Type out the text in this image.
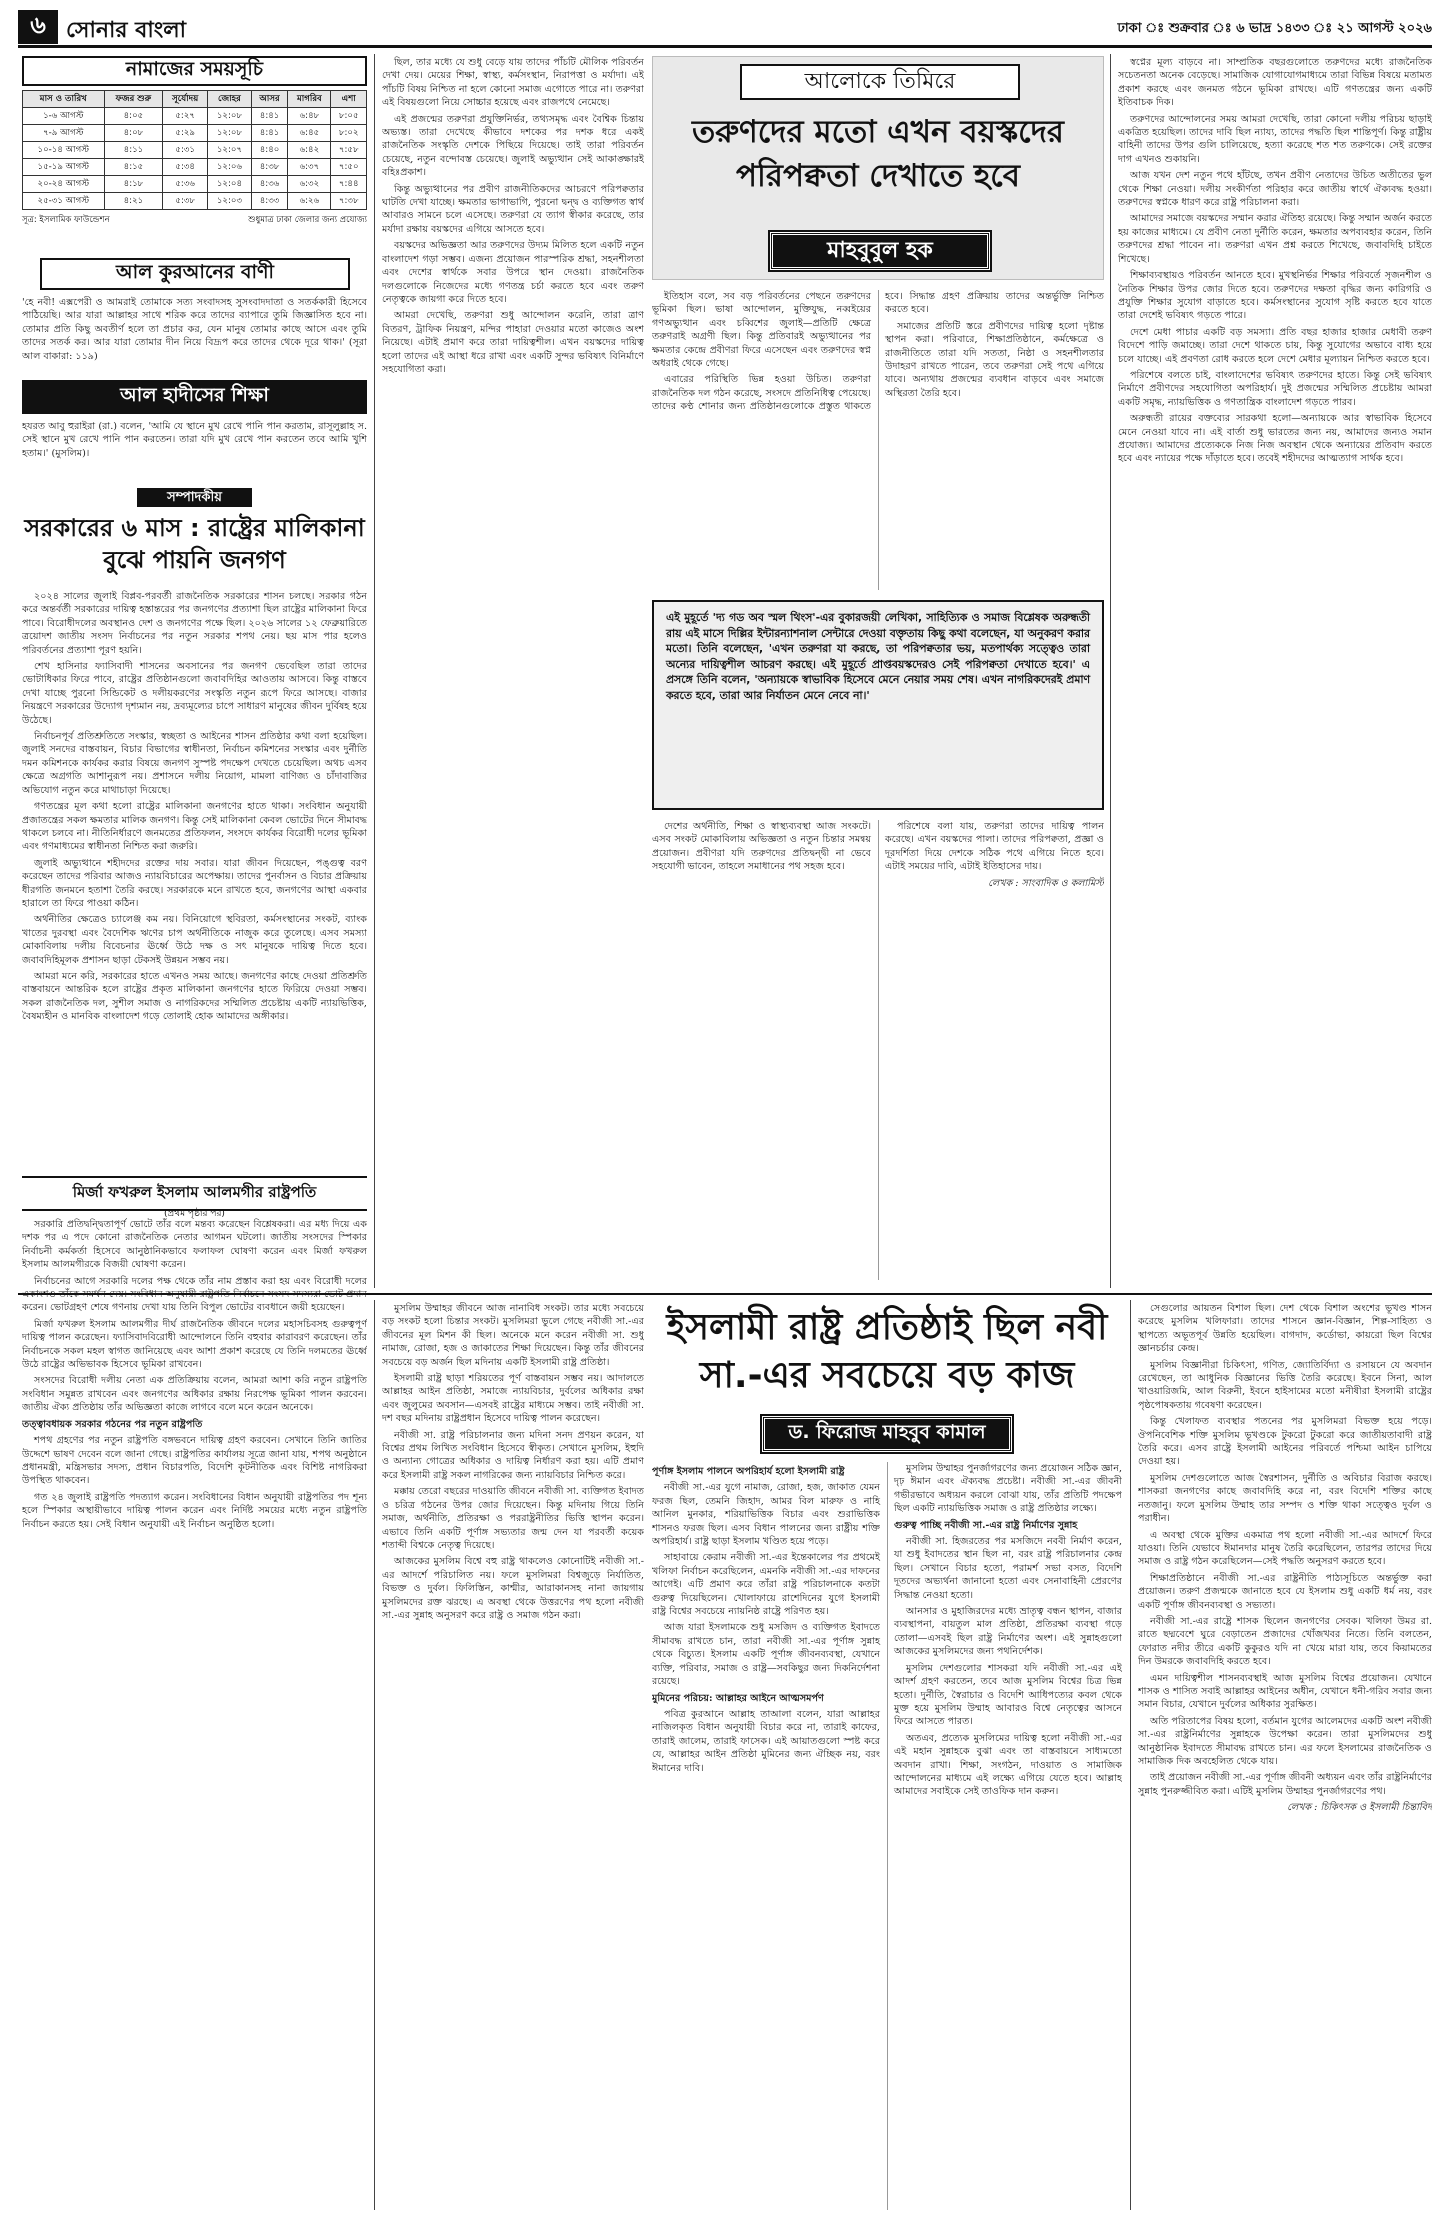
৬ সোনার বাংলা	ঢাকা ঃ শুক্রবার ঃ ৬ ভাদ্র ১৪৩৩ ঃ ২১ আগস্ট ২০২৬
নামাজের সময়সূচি
মাস ও তারিখ	ফজর শুরু	সূর্যোদয়	জোহর	আসর	মাগরিব	এশা
১-৬ আগস্ট	৪:০৫	৫:২৭	১২:০৮	৪:৪১	৬:৪৮	৮:০৫
৭-৯ আগস্ট	৪:০৮	৫:২৯	১২:০৮	৪:৪১	৬:৪৫	৮:০২
১০-১৪ আগস্ট	৪:১১	৫:৩১	১২:০৭	৪:৪০	৬:৪২	৭:৫৮
১৫-১৯ আগস্ট	৪:১৫	৫:৩৪	১২:০৬	৪:৩৮	৬:৩৭	৭:৫০
২০-২৪ আগস্ট	৪:১৮	৫:৩৬	১২:০৪	৪:৩৬	৬:৩২	৭:৪৪
২৫-৩১ আগস্ট	৪:২১	৫:৩৮	১২:০৩	৪:৩৩	৬:২৬	৭:৩৮
সূত্র: ইসলামিক ফাউন্ডেশন	শুধুমাত্র ঢাকা জেলার জন্য প্রযোজ্য
আল কুরআনের বাণী
'হে নবী! এক্সপেরী ও আমরাই তোমাকে সত্য সংবাদসহ সুসংবাদদাতা ও সতর্ককারী হিসেবে পাঠিয়েছি। আর যারা আল্লাহর সাথে শরিক করে তাদের ব্যাপারে তুমি জিজ্ঞাসিত হবে না। তোমার প্রতি কিছু অবতীর্ণ হলে তা প্রচার কর, যেন মানুষ তোমার কাছে আসে এবং তুমি তাদের সতর্ক কর। আর যারা তোমার দীন নিয়ে বিদ্রূপ করে তাদের থেকে দূরে থাক।' (সূরা আল বাকারা: ১১৯)
আল হাদীসের শিক্ষা
হযরত আবু হুরাইরা (রা.) বলেন, 'আমি যে স্থানে মুখ রেখে পানি পান করতাম, রাসূলুল্লাহ স. সেই স্থানে মুখ রেখে পানি পান করতেন। তারা যদি মুখ রেখে পান করতেন তবে আমি খুশি হতাম।' (মুসলিম)।
সম্পাদকীয়
সরকারের ৬ মাস : রাষ্ট্রের মালিকানা বুঝে পায়নি জনগণ

২০২৪ সালের জুলাই বিপ্লব-পরবর্তী রাজনৈতিক সরকারের শাসন চলছে। সরকার গঠন করে অন্তর্বর্তী সরকারের দায়িত্ব হস্তান্তরের পর জনগণের প্রত্যাশা ছিল রাষ্ট্রের মালিকানা ফিরে পাবে। বিরোধীদলের অবস্থানও দেশ ও জনগণের পক্ষে ছিল। ২০২৬ সালের ১২ ফেব্রুয়ারিতে ত্রয়োদশ জাতীয় সংসদ নির্বাচনের পর নতুন সরকার শপথ নেয়। ছয় মাস পার হলেও পরিবর্তনের প্রত্যাশা পূরণ হয়নি।

শেখ হাসিনার ফ্যাসিবাদী শাসনের অবসানের পর জনগণ ভেবেছিল তারা তাদের ভোটাধিকার ফিরে পাবে, রাষ্ট্রের প্রতিষ্ঠানগুলো জবাবদিহির আওতায় আসবে। কিন্তু বাস্তবে দেখা যাচ্ছে পুরনো সিন্ডিকেট ও দলীয়করণের সংস্কৃতি নতুন রূপে ফিরে আসছে। বাজার নিয়ন্ত্রণে সরকারের উদ্যোগ দৃশ্যমান নয়, দ্রব্যমূল্যের চাপে সাধারণ মানুষের জীবন দুর্বিষহ হয়ে উঠেছে।

নির্বাচনপূর্ব প্রতিশ্রুতিতে সংস্কার, স্বচ্ছতা ও আইনের শাসন প্রতিষ্ঠার কথা বলা হয়েছিল। জুলাই সনদের বাস্তবায়ন, বিচার বিভাগের স্বাধীনতা, নির্বাচন কমিশনের সংস্কার এবং দুর্নীতি দমন কমিশনকে কার্যকর করার বিষয়ে জনগণ সুস্পষ্ট পদক্ষেপ দেখতে চেয়েছিল। অথচ এসব ক্ষেত্রে অগ্রগতি আশানুরূপ নয়। প্রশাসনে দলীয় নিয়োগ, মামলা বাণিজ্য ও চাঁদাবাজির অভিযোগ নতুন করে মাথাচাড়া দিয়েছে।

গণতন্ত্রের মূল কথা হলো রাষ্ট্রের মালিকানা জনগণের হাতে থাকা। সংবিধান অনুযায়ী প্রজাতন্ত্রের সকল ক্ষমতার মালিক জনগণ। কিন্তু সেই মালিকানা কেবল ভোটের দিনে সীমাবদ্ধ থাকলে চলবে না। নীতিনির্ধারণে জনমতের প্রতিফলন, সংসদে কার্যকর বিরোধী দলের ভূমিকা এবং গণমাধ্যমের স্বাধীনতা নিশ্চিত করা জরুরি।

জুলাই অভ্যুত্থানে শহীদদের রক্তের দায় সবার। যারা জীবন দিয়েছেন, পঙ্গুত্ব বরণ করেছেন তাদের পরিবার আজও ন্যায়বিচারের অপেক্ষায়। তাদের পুনর্বাসন ও বিচার প্রক্রিয়ায় ধীরগতি জনমনে হতাশা তৈরি করছে। সরকারকে মনে রাখতে হবে, জনগণের আস্থা একবার হারালে তা ফিরে পাওয়া কঠিন।

অর্থনীতির ক্ষেত্রেও চ্যালেঞ্জ কম নয়। বিনিয়োগে স্থবিরতা, কর্মসংস্থানের সংকট, ব্যাংক খাতের দুরবস্থা এবং বৈদেশিক ঋণের চাপ অর্থনীতিকে নাজুক করে তুলেছে। এসব সমস্যা মোকাবিলায় দলীয় বিবেচনার ঊর্ধ্বে উঠে দক্ষ ও সৎ মানুষকে দায়িত্ব দিতে হবে। জবাবদিহিমূলক প্রশাসন ছাড়া টেকসই উন্নয়ন সম্ভব নয়।

আমরা মনে করি, সরকারের হাতে এখনও সময় আছে। জনগণের কাছে দেওয়া প্রতিশ্রুতি বাস্তবায়নে আন্তরিক হলে রাষ্ট্রের প্রকৃত মালিকানা জনগণের হাতে ফিরিয়ে দেওয়া সম্ভব। সকল রাজনৈতিক দল, সুশীল সমাজ ও নাগরিকদের সম্মিলিত প্রচেষ্টায় একটি ন্যায়ভিত্তিক, বৈষম্যহীন ও মানবিক বাংলাদেশ গড়ে তোলাই হোক আমাদের অঙ্গীকার।

মির্জা ফখরুল ইসলাম আলমগীর রাষ্ট্রপতি
(প্রথম পৃষ্ঠার পর)

সরকারি প্রতিদ্বন্দ্বিতাপূর্ণ ভোটে তাঁর বলে মন্তব্য করেছেন বিশ্লেষকরা। এর মধ্য দিয়ে এক দশক পর এ পদে কোনো রাজনৈতিক নেতার আগমন ঘটলো। জাতীয় সংসদের স্পিকার নির্বাচনী কর্মকর্তা হিসেবে আনুষ্ঠানিকভাবে ফলাফল ঘোষণা করেন এবং মির্জা ফখরুল ইসলাম আলমগীরকে বিজয়ী ঘোষণা করেন।

নির্বাচনের আগে সরকারি দলের পক্ষ থেকে তাঁর নাম প্রস্তাব করা হয় এবং বিরোধী দলের একাংশও তাঁকে সমর্থন দেয়। সংবিধান অনুযায়ী রাষ্ট্রপতি নির্বাচনে সংসদ সদস্যরা ভোট প্রদান করেন। ভোটগ্রহণ শেষে গণনায় দেখা যায় তিনি বিপুল ভোটের ব্যবধানে জয়ী হয়েছেন।

মির্জা ফখরুল ইসলাম আলমগীর দীর্ঘ রাজনৈতিক জীবনে দলের মহাসচিবসহ গুরুত্বপূর্ণ দায়িত্ব পালন করেছেন। ফ্যাসিবাদবিরোধী আন্দোলনে তিনি বহুবার কারাবরণ করেছেন। তাঁর নির্বাচনকে সকল মহল স্বাগত জানিয়েছে এবং আশা প্রকাশ করেছে যে তিনি দলমতের ঊর্ধ্বে উঠে রাষ্ট্রের অভিভাবক হিসেবে ভূমিকা রাখবেন।

সংসদের বিরোধী দলীয় নেতা এক প্রতিক্রিয়ায় বলেন, আমরা আশা করি নতুন রাষ্ট্রপতি সংবিধান সমুন্নত রাখবেন এবং জনগণের অধিকার রক্ষায় নিরপেক্ষ ভূমিকা পালন করবেন। জাতীয় ঐক্য প্রতিষ্ঠায় তাঁর অভিজ্ঞতা কাজে লাগবে বলে মনে করেন অনেকে।

তত্ত্বাবধায়ক সরকার গঠনের পর নতুন রাষ্ট্রপতি

শপথ গ্রহণের পর নতুন রাষ্ট্রপতি বঙ্গভবনে দায়িত্ব গ্রহণ করবেন। সেখানে তিনি জাতির উদ্দেশে ভাষণ দেবেন বলে জানা গেছে। রাষ্ট্রপতির কার্যালয় সূত্রে জানা যায়, শপথ অনুষ্ঠানে প্রধানমন্ত্রী, মন্ত্রিসভার সদস্য, প্রধান বিচারপতি, বিদেশি কূটনীতিক এবং বিশিষ্ট নাগরিকরা উপস্থিত থাকবেন।

গত ২৪ জুলাই রাষ্ট্রপতি পদত্যাগ করেন। সংবিধানের বিধান অনুযায়ী রাষ্ট্রপতির পদ শূন্য হলে স্পিকার অস্থায়ীভাবে দায়িত্ব পালন করেন এবং নির্দিষ্ট সময়ের মধ্যে নতুন রাষ্ট্রপতি নির্বাচন করতে হয়। সেই বিধান অনুযায়ী এই নির্বাচন অনুষ্ঠিত হলো।

ছিল, তার মধ্যে যে শুধু বেড়ে যায় তাদের পাঁচটি মৌলিক পরিবর্তন দেখা দেয়। মেয়ের শিক্ষা, স্বাস্থ্য, কর্মসংস্থান, নিরাপত্তা ও মর্যাদা। এই পাঁচটি বিষয় নিশ্চিত না হলে কোনো সমাজ এগোতে পারে না। তরুণরা এই বিষয়গুলো নিয়ে সোচ্চার হয়েছে এবং রাজপথে নেমেছে।

এই প্রজন্মের তরুণরা প্রযুক্তিনির্ভর, তথ্যসমৃদ্ধ এবং বৈশ্বিক চিন্তায় অভ্যস্ত। তারা দেখেছে কীভাবে দশকের পর দশক ধরে একই রাজনৈতিক সংস্কৃতি দেশকে পিছিয়ে দিয়েছে। তাই তারা পরিবর্তন চেয়েছে, নতুন বন্দোবস্ত চেয়েছে। জুলাই অভ্যুত্থান সেই আকাঙ্ক্ষারই বহিঃপ্রকাশ।

কিন্তু অভ্যুত্থানের পর প্রবীণ রাজনীতিকদের আচরণে পরিপক্বতার ঘাটতি দেখা যাচ্ছে। ক্ষমতার ভাগাভাগি, পুরনো দ্বন্দ্ব ও ব্যক্তিগত স্বার্থ আবারও সামনে চলে এসেছে। তরুণরা যে ত্যাগ স্বীকার করেছে, তার মর্যাদা রক্ষায় বয়স্কদের এগিয়ে আসতে হবে।

বয়স্কদের অভিজ্ঞতা আর তরুণদের উদ্যম মিলিত হলে একটি নতুন বাংলাদেশ গড়া সম্ভব। এজন্য প্রয়োজন পারস্পরিক শ্রদ্ধা, সহনশীলতা এবং দেশের স্বার্থকে সবার উপরে স্থান দেওয়া। রাজনৈতিক দলগুলোকে নিজেদের মধ্যে গণতন্ত্র চর্চা করতে হবে এবং তরুণ নেতৃত্বকে জায়গা করে দিতে হবে।

আমরা দেখেছি, তরুণরা শুধু আন্দোলন করেনি, তারা ত্রাণ বিতরণ, ট্রাফিক নিয়ন্ত্রণ, মন্দির পাহারা দেওয়ার মতো কাজেও অংশ নিয়েছে। এটাই প্রমাণ করে তারা দায়িত্বশীল। এখন বয়স্কদের দায়িত্ব হলো তাদের এই আস্থা ধরে রাখা এবং একটি সুন্দর ভবিষ্যৎ বিনির্মাণে সহযোগিতা করা।

আলোকে তিমিরে
তরুণদের মতো এখন বয়স্কদের পরিপক্বতা দেখাতে হবে
মাহবুবুল হক

ইতিহাস বলে, সব বড় পরিবর্তনের পেছনে তরুণদের ভূমিকা ছিল। ভাষা আন্দোলন, মুক্তিযুদ্ধ, নব্বইয়ের গণঅভ্যুত্থান এবং চব্বিশের জুলাই—প্রতিটি ক্ষেত্রে তরুণরাই অগ্রণী ছিল। কিন্তু প্রতিবারই অভ্যুত্থানের পর ক্ষমতার কেন্দ্রে প্রবীণরা ফিরে এসেছেন এবং তরুণদের স্বপ্ন অধরাই থেকে গেছে।

এবারের পরিস্থিতি ভিন্ন হওয়া উচিত। তরুণরা রাজনৈতিক দল গঠন করেছে, সংসদে প্রতিনিধিত্ব পেয়েছে। তাদের কণ্ঠ শোনার জন্য প্রতিষ্ঠানগুলোকে প্রস্তুত থাকতে হবে। সিদ্ধান্ত গ্রহণ প্রক্রিয়ায় তাদের অন্তর্ভুক্তি নিশ্চিত করতে হবে।

সমাজের প্রতিটি স্তরে প্রবীণদের দায়িত্ব হলো দৃষ্টান্ত স্থাপন করা। পরিবারে, শিক্ষাপ্রতিষ্ঠানে, কর্মক্ষেত্রে ও রাজনীতিতে তারা যদি সততা, নিষ্ঠা ও সহনশীলতার উদাহরণ রাখতে পারেন, তবে তরুণরা সেই পথে এগিয়ে যাবে। অন্যথায় প্রজন্মের ব্যবধান বাড়বে এবং সমাজে অস্থিরতা তৈরি হবে।

এই মুহূর্তে 'দ্য গড অব স্মল থিংস'-এর বুকারজয়ী লেখিকা, সাহিত্যিক ও সমাজ বিশ্লেষক অরুন্ধতী রায় এই মাসে দিল্লির ইন্টারন্যাশনাল সেন্টারে দেওয়া বক্তৃতায় কিছু কথা বলেছেন, যা অনুকরণ করার মতো। তিনি বলেছেন, 'এখন তরুণরা যা করছে, তা পরিপক্বতার ভয়, মতপার্থক্য সত্ত্বেও তারা অন্যের দায়িত্বশীল আচরণ করছে। এই মুহূর্তে প্রাপ্তবয়স্কদেরও সেই পরিপক্বতা দেখাতে হবে।' এ প্রসঙ্গে তিনি বলেন, 'অন্যায়কে স্বাভাবিক হিসেবে মেনে নেয়ার সময় শেষ। এখন নাগরিকদেরই প্রমাণ করতে হবে, তারা আর নির্যাতন মেনে নেবে না।'

দেশের অর্থনীতি, শিক্ষা ও স্বাস্থ্যব্যবস্থা আজ সংকটে। এসব সংকট মোকাবিলায় অভিজ্ঞতা ও নতুন চিন্তার সমন্বয় প্রয়োজন। প্রবীণরা যদি তরুণদের প্রতিদ্বন্দ্বী না ভেবে সহযোগী ভাবেন, তাহলে সমাধানের পথ সহজ হবে।

পরিশেষে বলা যায়, তরুণরা তাদের দায়িত্ব পালন করেছে। এখন বয়স্কদের পালা। তাদের পরিপক্বতা, প্রজ্ঞা ও দূরদর্শিতা দিয়ে দেশকে সঠিক পথে এগিয়ে নিতে হবে। এটাই সময়ের দাবি, এটাই ইতিহাসের দায়।

লেখক : সাংবাদিক ও কলামিস্ট

স্বপ্নের মূল্য বাড়বে না। সাম্প্রতিক বছরগুলোতে তরুণদের মধ্যে রাজনৈতিক সচেতনতা অনেক বেড়েছে। সামাজিক যোগাযোগমাধ্যমে তারা বিভিন্ন বিষয়ে মতামত প্রকাশ করছে এবং জনমত গঠনে ভূমিকা রাখছে। এটি গণতন্ত্রের জন্য একটি ইতিবাচক দিক।

তরুণদের আন্দোলনের সময় আমরা দেখেছি, তারা কোনো দলীয় পরিচয় ছাড়াই একত্রিত হয়েছিল। তাদের দাবি ছিল ন্যায্য, তাদের পদ্ধতি ছিল শান্তিপূর্ণ। কিন্তু রাষ্ট্রীয় বাহিনী তাদের উপর গুলি চালিয়েছে, হত্যা করেছে শত শত তরুণকে। সেই রক্তের দাগ এখনও শুকায়নি।

আজ যখন দেশ নতুন পথে হাঁটছে, তখন প্রবীণ নেতাদের উচিত অতীতের ভুল থেকে শিক্ষা নেওয়া। দলীয় সংকীর্ণতা পরিহার করে জাতীয় স্বার্থে ঐক্যবদ্ধ হওয়া। তরুণদের স্বপ্নকে ধারণ করে রাষ্ট্র পরিচালনা করা।

আমাদের সমাজে বয়স্কদের সম্মান করার ঐতিহ্য রয়েছে। কিন্তু সম্মান অর্জন করতে হয় কাজের মাধ্যমে। যে প্রবীণ নেতা দুর্নীতি করেন, ক্ষমতার অপব্যবহার করেন, তিনি তরুণদের শ্রদ্ধা পাবেন না। তরুণরা এখন প্রশ্ন করতে শিখেছে, জবাবদিহি চাইতে শিখেছে।

শিক্ষাব্যবস্থায়ও পরিবর্তন আনতে হবে। মুখস্থনির্ভর শিক্ষার পরিবর্তে সৃজনশীল ও নৈতিক শিক্ষার উপর জোর দিতে হবে। তরুণদের দক্ষতা বৃদ্ধির জন্য কারিগরি ও প্রযুক্তি শিক্ষার সুযোগ বাড়াতে হবে। কর্মসংস্থানের সুযোগ সৃষ্টি করতে হবে যাতে তারা দেশেই ভবিষ্যৎ গড়তে পারে।

দেশে মেধা পাচার একটি বড় সমস্যা। প্রতি বছর হাজার হাজার মেধাবী তরুণ বিদেশে পাড়ি জমাচ্ছে। তারা দেশে থাকতে চায়, কিন্তু সুযোগের অভাবে বাধ্য হয়ে চলে যাচ্ছে। এই প্রবণতা রোধ করতে হলে দেশে মেধার মূল্যায়ন নিশ্চিত করতে হবে।

পরিশেষে বলতে চাই, বাংলাদেশের ভবিষ্যৎ তরুণদের হাতে। কিন্তু সেই ভবিষ্যৎ নির্মাণে প্রবীণদের সহযোগিতা অপরিহার্য। দুই প্রজন্মের সম্মিলিত প্রচেষ্টায় আমরা একটি সমৃদ্ধ, ন্যায়ভিত্তিক ও গণতান্ত্রিক বাংলাদেশ গড়তে পারব।

অরুন্ধতী রায়ের বক্তব্যের সারকথা হলো—অন্যায়কে আর স্বাভাবিক হিসেবে মেনে নেওয়া যাবে না। এই বার্তা শুধু ভারতের জন্য নয়, আমাদের জন্যও সমান প্রযোজ্য। আমাদের প্রত্যেককে নিজ নিজ অবস্থান থেকে অন্যায়ের প্রতিবাদ করতে হবে এবং ন্যায়ের পক্ষে দাঁড়াতে হবে। তবেই শহীদদের আত্মত্যাগ সার্থক হবে।

মুসলিম উম্মাহর জীবনে আজ নানাবিধ সংকট। তার মধ্যে সবচেয়ে বড় সংকট হলো চিন্তার সংকট। মুসলিমরা ভুলে গেছে নবীজী সা.-এর জীবনের মূল মিশন কী ছিল। অনেকে মনে করেন নবীজী সা. শুধু নামাজ, রোজা, হজ ও জাকাতের শিক্ষা দিয়েছেন। কিন্তু তাঁর জীবনের সবচেয়ে বড় অর্জন ছিল মদিনায় একটি ইসলামী রাষ্ট্র প্রতিষ্ঠা।

ইসলামী রাষ্ট্র ছাড়া শরিয়তের পূর্ণ বাস্তবায়ন সম্ভব নয়। আদালতে আল্লাহর আইন প্রতিষ্ঠা, সমাজে ন্যায়বিচার, দুর্বলের অধিকার রক্ষা এবং জুলুমের অবসান—এসবই রাষ্ট্রের মাধ্যমে সম্ভব। তাই নবীজী সা. দশ বছর মদিনায় রাষ্ট্রপ্রধান হিসেবে দায়িত্ব পালন করেছেন।

নবীজী সা. রাষ্ট্র পরিচালনার জন্য মদিনা সনদ প্রণয়ন করেন, যা বিশ্বের প্রথম লিখিত সংবিধান হিসেবে স্বীকৃত। সেখানে মুসলিম, ইহুদি ও অন্যান্য গোত্রের অধিকার ও দায়িত্ব নির্ধারণ করা হয়। এটি প্রমাণ করে ইসলামী রাষ্ট্র সকল নাগরিকের জন্য ন্যায়বিচার নিশ্চিত করে।

মক্কায় তেরো বছরের দাওয়াতি জীবনে নবীজী সা. ব্যক্তিগত ইবাদত ও চরিত্র গঠনের উপর জোর দিয়েছেন। কিন্তু মদিনায় গিয়ে তিনি সমাজ, অর্থনীতি, প্রতিরক্ষা ও পররাষ্ট্রনীতির ভিত্তি স্থাপন করেন। এভাবে তিনি একটি পূর্ণাঙ্গ সভ্যতার জন্ম দেন যা পরবর্তী কয়েক শতাব্দী বিশ্বকে নেতৃত্ব দিয়েছে।

আজকের মুসলিম বিশ্বে বহু রাষ্ট্র থাকলেও কোনোটিই নবীজী সা.-এর আদর্শে পরিচালিত নয়। ফলে মুসলিমরা বিশ্বজুড়ে নির্যাতিত, বিভক্ত ও দুর্বল। ফিলিস্তিন, কাশ্মীর, আরাকানসহ নানা জায়গায় মুসলিমদের রক্ত ঝরছে। এ অবস্থা থেকে উত্তরণের পথ হলো নবীজী সা.-এর সুন্নাহ অনুসরণ করে রাষ্ট্র ও সমাজ গঠন করা।

ইসলামী রাষ্ট্র প্রতিষ্ঠাই ছিল নবী সা.-এর সবচেয়ে বড় কাজ
ড. ফিরোজ মাহবুব কামাল

পূর্ণাঙ্গ ইসলাম পালনে অপরিহার্য হলো ইসলামী রাষ্ট্র

নবীজী সা.-এর যুগে নামাজ, রোজা, হজ, জাকাত যেমন ফরজ ছিল, তেমনি জিহাদ, আমর বিল মারুফ ও নাহি আনিল মুনকার, শরিয়াভিত্তিক বিচার এবং শুরাভিত্তিক শাসনও ফরজ ছিল। এসব বিধান পালনের জন্য রাষ্ট্রীয় শক্তি অপরিহার্য। রাষ্ট্র ছাড়া ইসলাম খণ্ডিত হয়ে পড়ে।

সাহাবায়ে কেরাম নবীজী সা.-এর ইন্তেকালের পর প্রথমেই খলিফা নির্বাচন করেছিলেন, এমনকি নবীজী সা.-এর দাফনের আগেই। এটি প্রমাণ করে তাঁরা রাষ্ট্র পরিচালনাকে কতটা গুরুত্ব দিয়েছিলেন। খোলাফায়ে রাশেদিনের যুগে ইসলামী রাষ্ট্র বিশ্বের সবচেয়ে ন্যায়নিষ্ঠ রাষ্ট্রে পরিণত হয়।

আজ যারা ইসলামকে শুধু মসজিদ ও ব্যক্তিগত ইবাদতে সীমাবদ্ধ রাখতে চান, তারা নবীজী সা.-এর পূর্ণাঙ্গ সুন্নাহ থেকে বিচ্যুত। ইসলাম একটি পূর্ণাঙ্গ জীবনব্যবস্থা, যেখানে ব্যক্তি, পরিবার, সমাজ ও রাষ্ট্র—সবকিছুর জন্য দিকনির্দেশনা রয়েছে।

মুমিনের পরিচয়: আল্লাহর আইনে আত্মসমর্পণ

পবিত্র কুরআনে আল্লাহ তাআলা বলেন, যারা আল্লাহর নাজিলকৃত বিধান অনুযায়ী বিচার করে না, তারাই কাফের, তারাই জালেম, তারাই ফাসেক। এই আয়াতগুলো স্পষ্ট করে যে, আল্লাহর আইন প্রতিষ্ঠা মুমিনের জন্য ঐচ্ছিক নয়, বরং ঈমানের দাবি।

মুসলিম উম্মাহর পুনর্জাগরণের জন্য প্রয়োজন সঠিক জ্ঞান, দৃঢ় ঈমান এবং ঐক্যবদ্ধ প্রচেষ্টা। নবীজী সা.-এর জীবনী গভীরভাবে অধ্যয়ন করলে বোঝা যায়, তাঁর প্রতিটি পদক্ষেপ ছিল একটি ন্যায়ভিত্তিক সমাজ ও রাষ্ট্র প্রতিষ্ঠার লক্ষ্যে।

গুরুত্ব পাচ্ছি নবীজী সা.-এর রাষ্ট্র নির্মাণের সুন্নাহ

নবীজী সা. হিজরতের পর মসজিদে নববী নির্মাণ করেন, যা শুধু ইবাদতের স্থান ছিল না, বরং রাষ্ট্র পরিচালনার কেন্দ্র ছিল। সেখানে বিচার হতো, পরামর্শ সভা বসত, বিদেশি দূতদের অভ্যর্থনা জানানো হতো এবং সেনাবাহিনী প্রেরণের সিদ্ধান্ত নেওয়া হতো।

আনসার ও মুহাজিরদের মধ্যে ভ্রাতৃত্ব বন্ধন স্থাপন, বাজার ব্যবস্থাপনা, বায়তুল মাল প্রতিষ্ঠা, প্রতিরক্ষা ব্যবস্থা গড়ে তোলা—এসবই ছিল রাষ্ট্র নির্মাণের অংশ। এই সুন্নাহগুলো আজকের মুসলিমদের জন্য পথনির্দেশক।

মুসলিম দেশগুলোর শাসকরা যদি নবীজী সা.-এর এই আদর্শ গ্রহণ করতেন, তবে আজ মুসলিম বিশ্বের চিত্র ভিন্ন হতো। দুর্নীতি, স্বৈরাচার ও বিদেশি আধিপত্যের কবল থেকে মুক্ত হয়ে মুসলিম উম্মাহ আবারও বিশ্বে নেতৃত্বের আসনে ফিরে আসতে পারত।

অতএব, প্রত্যেক মুসলিমের দায়িত্ব হলো নবীজী সা.-এর এই মহান সুন্নাহকে বুঝা এবং তা বাস্তবায়নে সাধ্যমতো অবদান রাখা। শিক্ষা, সংগঠন, দাওয়াত ও সামাজিক আন্দোলনের মাধ্যমে এই লক্ষ্যে এগিয়ে যেতে হবে। আল্লাহ আমাদের সবাইকে সেই তাওফিক দান করুন।

সেগুলোর আয়তন বিশাল ছিল। দেশ থেকে বিশাল অংশের ভূখণ্ড শাসন করেছে মুসলিম খলিফারা। তাদের শাসনে জ্ঞান-বিজ্ঞান, শিল্প-সাহিত্য ও স্থাপত্যে অভূতপূর্ব উন্নতি হয়েছিল। বাগদাদ, কর্ডোভা, কায়রো ছিল বিশ্বের জ্ঞানচর্চার কেন্দ্র।

মুসলিম বিজ্ঞানীরা চিকিৎসা, গণিত, জ্যোতির্বিদ্যা ও রসায়নে যে অবদান রেখেছেন, তা আধুনিক বিজ্ঞানের ভিত্তি তৈরি করেছে। ইবনে সিনা, আল খাওয়ারিজমি, আল বিরুনী, ইবনে হাইসামের মতো মনীষীরা ইসলামী রাষ্ট্রের পৃষ্ঠপোষকতায় গবেষণা করেছেন।

কিন্তু খেলাফত ব্যবস্থার পতনের পর মুসলিমরা বিভক্ত হয়ে পড়ে। ঔপনিবেশিক শক্তি মুসলিম ভূখণ্ডকে টুকরো টুকরো করে জাতীয়তাবাদী রাষ্ট্র তৈরি করে। এসব রাষ্ট্রে ইসলামী আইনের পরিবর্তে পশ্চিমা আইন চাপিয়ে দেওয়া হয়।

মুসলিম দেশগুলোতে আজ স্বৈরশাসন, দুর্নীতি ও অবিচার বিরাজ করছে। শাসকরা জনগণের কাছে জবাবদিহি করে না, বরং বিদেশি শক্তির কাছে নতজানু। ফলে মুসলিম উম্মাহ তার সম্পদ ও শক্তি থাকা সত্ত্বেও দুর্বল ও পরাধীন।

এ অবস্থা থেকে মুক্তির একমাত্র পথ হলো নবীজী সা.-এর আদর্শে ফিরে যাওয়া। তিনি যেভাবে ঈমানদার মানুষ তৈরি করেছিলেন, তারপর তাদের দিয়ে সমাজ ও রাষ্ট্র গঠন করেছিলেন—সেই পদ্ধতি অনুসরণ করতে হবে।

শিক্ষাপ্রতিষ্ঠানে নবীজী সা.-এর রাষ্ট্রনীতি পাঠ্যসূচিতে অন্তর্ভুক্ত করা প্রয়োজন। তরুণ প্রজন্মকে জানাতে হবে যে ইসলাম শুধু একটি ধর্ম নয়, বরং একটি পূর্ণাঙ্গ জীবনব্যবস্থা ও সভ্যতা।

নবীজী সা.-এর রাষ্ট্রে শাসক ছিলেন জনগণের সেবক। খলিফা উমর রা. রাতে ছদ্মবেশে ঘুরে বেড়াতেন প্রজাদের খোঁজখবর নিতে। তিনি বলতেন, ফোরাত নদীর তীরে একটি কুকুরও যদি না খেয়ে মারা যায়, তবে কিয়ামতের দিন উমরকে জবাবদিহি করতে হবে।

এমন দায়িত্বশীল শাসনব্যবস্থাই আজ মুসলিম বিশ্বের প্রয়োজন। যেখানে শাসক ও শাসিত সবাই আল্লাহর আইনের অধীন, যেখানে ধনী-গরিব সবার জন্য সমান বিচার, যেখানে দুর্বলের অধিকার সুরক্ষিত।

অতি পরিতাপের বিষয় হলো, বর্তমান যুগের আলেমদের একটি অংশ নবীজী সা.-এর রাষ্ট্রনির্মাণের সুন্নাহকে উপেক্ষা করেন। তারা মুসলিমদের শুধু আনুষ্ঠানিক ইবাদতে সীমাবদ্ধ রাখতে চান। এর ফলে ইসলামের রাজনৈতিক ও সামাজিক দিক অবহেলিত থেকে যায়।

তাই প্রয়োজন নবীজী সা.-এর পূর্ণাঙ্গ জীবনী অধ্যয়ন এবং তাঁর রাষ্ট্রনির্মাণের সুন্নাহ পুনরুজ্জীবিত করা। এটিই মুসলিম উম্মাহর পুনর্জাগরণের পথ।

লেখক : চিকিৎসক ও ইসলামী চিন্তাবিদ
